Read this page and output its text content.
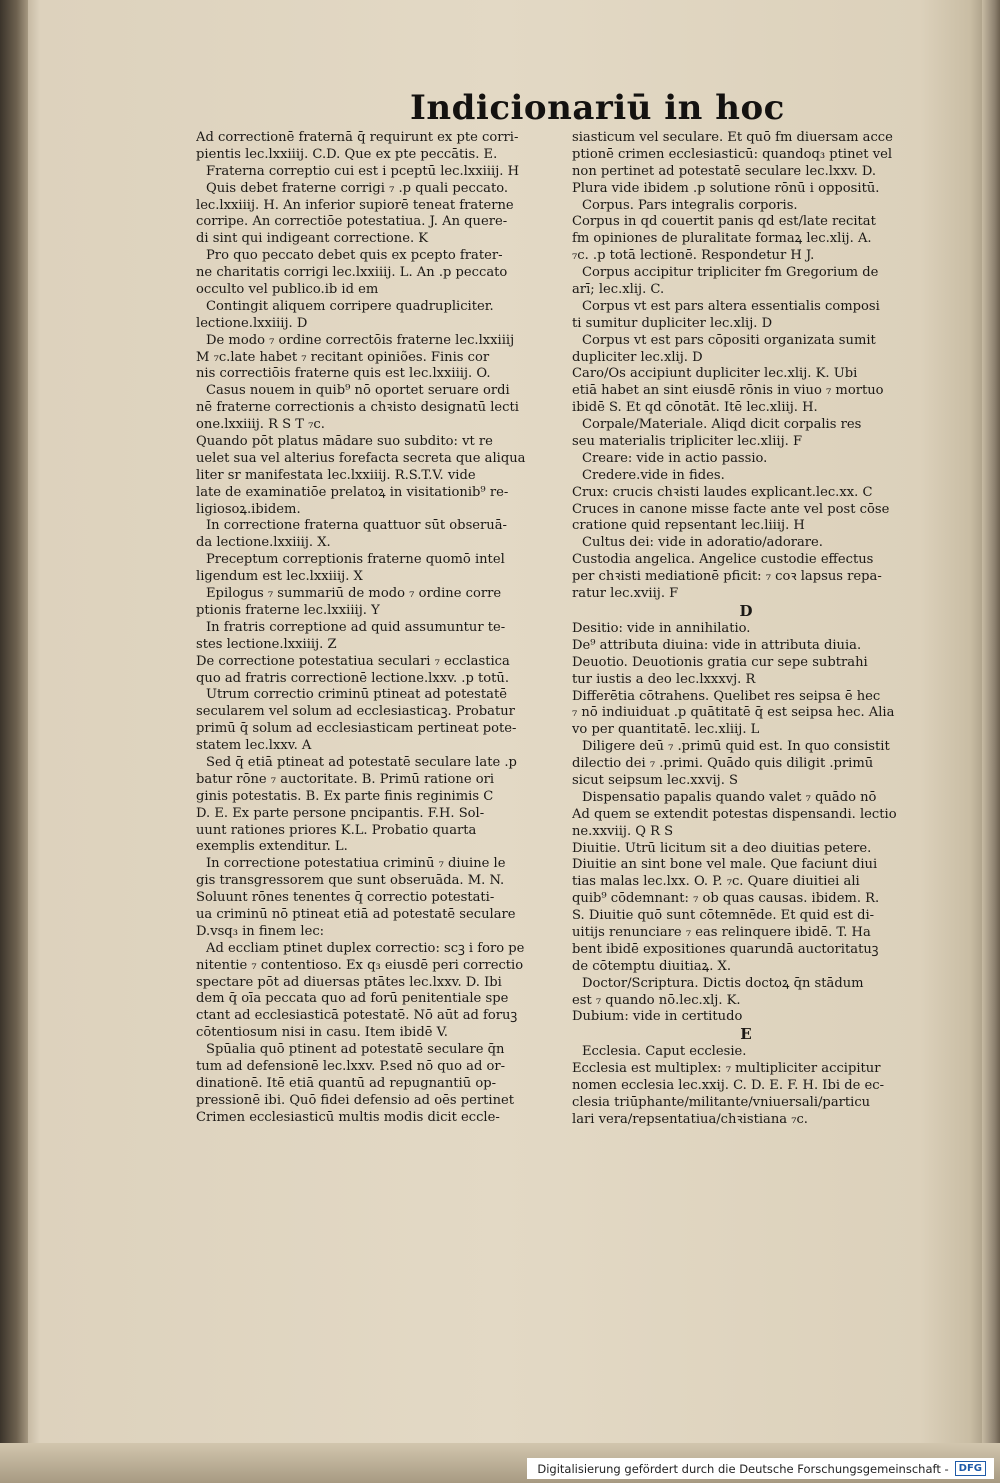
Indicionariū in hoc
Ad correctionē fraternā q̄ requirunt ex pte corri-
pientis lec.lxxiiij. C.D. Que ex pte peccātis. E.
Fraterna correptio cui est i pceptū lec.lxxiiij. H
Quis debet fraterne corrigi ₇ .p quali peccato.
lec.lxxiiij. H. An inferior supiorē teneat fraterne
corripe. An correctiōe potestatiua. J. An quere-
di sint qui indigeant correctione. K
Pro quo peccato debet quis ex pcepto frater-
ne charitatis corrigi lec.lxxiiij. L. An .p peccato
occulto vel publico.ib id em
Contingit aliquem corripere quadrupliciter.
lectione.lxxiiij. D
De modo ₇ ordine correctōis fraterne lec.lxxiiij
M ₇c.late habet ₇ recitant opiniões. Finis cor
nis correctiōis fraterne quis est lec.lxxiiij. O.
Casus nouem in quib⁹ nō oportet seruare ordi
nē fraterne correctionis a chꝛisto designatū lecti
one.lxxiiij. R S T ₇c.
Quando pōt platus mādare suo subdito: vt re
uelet sua vel alterius forefacta secreta que aliqua
liter sr manifestata lec.lxxiiij. R.S.T.V. vide
late de examinatiōe prelatoꝝ in visitationib⁹ re-
ligiosoꝝ.ibidem.
In correctione fraterna quattuor sūt obseruā-
da lectione.lxxiiij. X.
Preceptum correptionis fraterne quomō intel
ligendum est lec.lxxiiij. X
Epilogus ₇ summariū de modo ₇ ordine corre
ptionis fraterne lec.lxxiiij. Y
In fratris correptione ad quid assumuntur te-
stes lectione.lxxiiij. Z
De correctione potestatiua seculari ₇ ecclastica
quo ad fratris correctionē lectione.lxxv. .p totū.
Utrum correctio criminū ptineat ad potestatē
secularem vel solum ad ecclesiasticaꝫ. Probatur
primū q̄ solum ad ecclesiasticam pertineat pote-
statem lec.lxxv. A
Sed q̄ etiā ptineat ad potestatē seculare late .p
batur rōne ₇ auctoritate. B. Primū ratione ori
ginis potestatis. B. Ex parte finis reginimis C
D. E. Ex parte persone pncipantis. F.H. Sol-
uunt rationes priores K.L. Probatio quarta
exemplis extenditur. L.
In correctione potestatiua criminū ₇ diuine le
gis transgressorem que sunt obseruāda. M. N.
Soluunt rōnes tenentes q̄ correctio potestati-
ua criminū nō ptineat etiā ad potestatē seculare
D.vsq₃ in finem lec:
Ad eccliam ptinet duplex correctio: scꝫ i foro pe
nitentie ₇ contentioso. Ex q₃ eiusdē peri correctio
spectare pōt ad diuersas ptātes lec.lxxv. D. Ibi
dem q̄ oīa peccata quo ad forū penitentiale spe
ctant ad ecclesiasticā potestatē. Nō aūt ad foruꝫ
cōtentiosum nisi in casu. Item ibidē V.
Spūalia quō ptinent ad potestatē seculare q̄n
tum ad defensionē lec.lxxv. P.sed nō quo ad or-
dinationē. Itē etiā quantū ad repugnantiū op-
pressionē ibi. Quō fidei defensio ad oēs pertinet
Crimen ecclesiasticū multis modis dicit eccle-
siasticum vel seculare. Et quō fm diuersam acce
ptionē crimen ecclesiasticū: quandoq₃ ptinet vel
non pertinet ad potestatē seculare lec.lxxv. D.
Plura vide ibidem .p solutione rōnū i oppositū.
Corpus. Pars integralis corporis.
Corpus in qd̄ couertit panis qd est/late recitat
fm opiniones de pluralitate formaꝝ lec.xlij. A.
₇c. .p totā lectionē. Respondetur H J.
Corpus accipitur tripliciter fm Gregorium de
arī; lec.xlij. C.
Corpus vt est pars altera essentialis composi
ti sumitur dupliciter lec.xlij. D
Corpus vt est pars cōpositi organizata sumit
dupliciter lec.xlij. D
Caro/Os accipiunt dupliciter lec.xlij. K. Ubi
etiā habet an sint eiusdē rōnis in viuo ₇ mortuo
ibidē S. Et qd cōnotāt. Itē lec.xliij. H.
Corpale/Materiale. Aliqd dicit corpalis res
seu materialis tripliciter lec.xliij. F
Creare: vide in actio passio.
Credere.vide in fides.
Crux: crucis chꝛisti laudes explicant.lec.xx. C
Cruces in canone misse facte ante vel post cōse
cratione quid repsentant lec.liiij. H
Cultus dei: vide in adoratio/adorare.
Custodia angelica. Angelice custodie effectus
per chꝛisti mediationē pficit: ₇ coꝛ lapsus repa-
ratur lec.xviij. F
D
Desitio: vide in annihilatio.
De⁹ attributa diuina: vide in attributa diuia.
Deuotio. Deuotionis gratia cur sepe subtrahi
tur iustis a deo lec.lxxxvj. R
Differētia cōtrahens. Quelibet res seipsa ē hec
₇ nō indiuiduat .p quātitatē q̄ est seipsa hec. Alia
vo per quantitatē. lec.xliij. L
Diligere deū ₇ .primū quid est. In quo consistit
dilectio dei ₇ .primi. Quādo quis diligit .primū
sicut seipsum lec.xxvij. S
Dispensatio papalis quando valet ₇ quādo nō
Ad quem se extendit potestas dispensandi. lectio
ne.xxviij. Q R S
Diuitie. Utrū licitum sit a deo diuitias petere.
Diuitie an sint bone vel male. Que faciunt diui
tias malas lec.lxx. O. P. ₇c. Quare diuitiei ali
quib⁹ cōdemnant: ₇ ob quas causas. ibidem. R.
S. Diuitie quō sunt cōtemnēde. Et quid est di-
uitijs renunciare ₇ eas relinquere ibidē. T. Ha
bent ibidē expositiones quarundā auctoritatuꝫ
de cōtemptu diuitiaꝝ. X.
Doctor/Scriptura. Dictis doctoꝝ q̄n stādum
est ₇ quando nō.lec.xlj. K.
Dubium: vide in certitudo
E
Ecclesia. Caput ecclesie.
Ecclesia est multiplex: ₇ multipliciter accipitur
nomen ecclesia lec.xxij. C. D. E. F. H. Ibi de ec-
clesia triūphante/militante/vniuersali/particu
lari vera/repsentatiua/chꝛistiana ₇c.
Digitalisierung gefördert durch die Deutsche Forschungsgemeinschaft -	DFG
